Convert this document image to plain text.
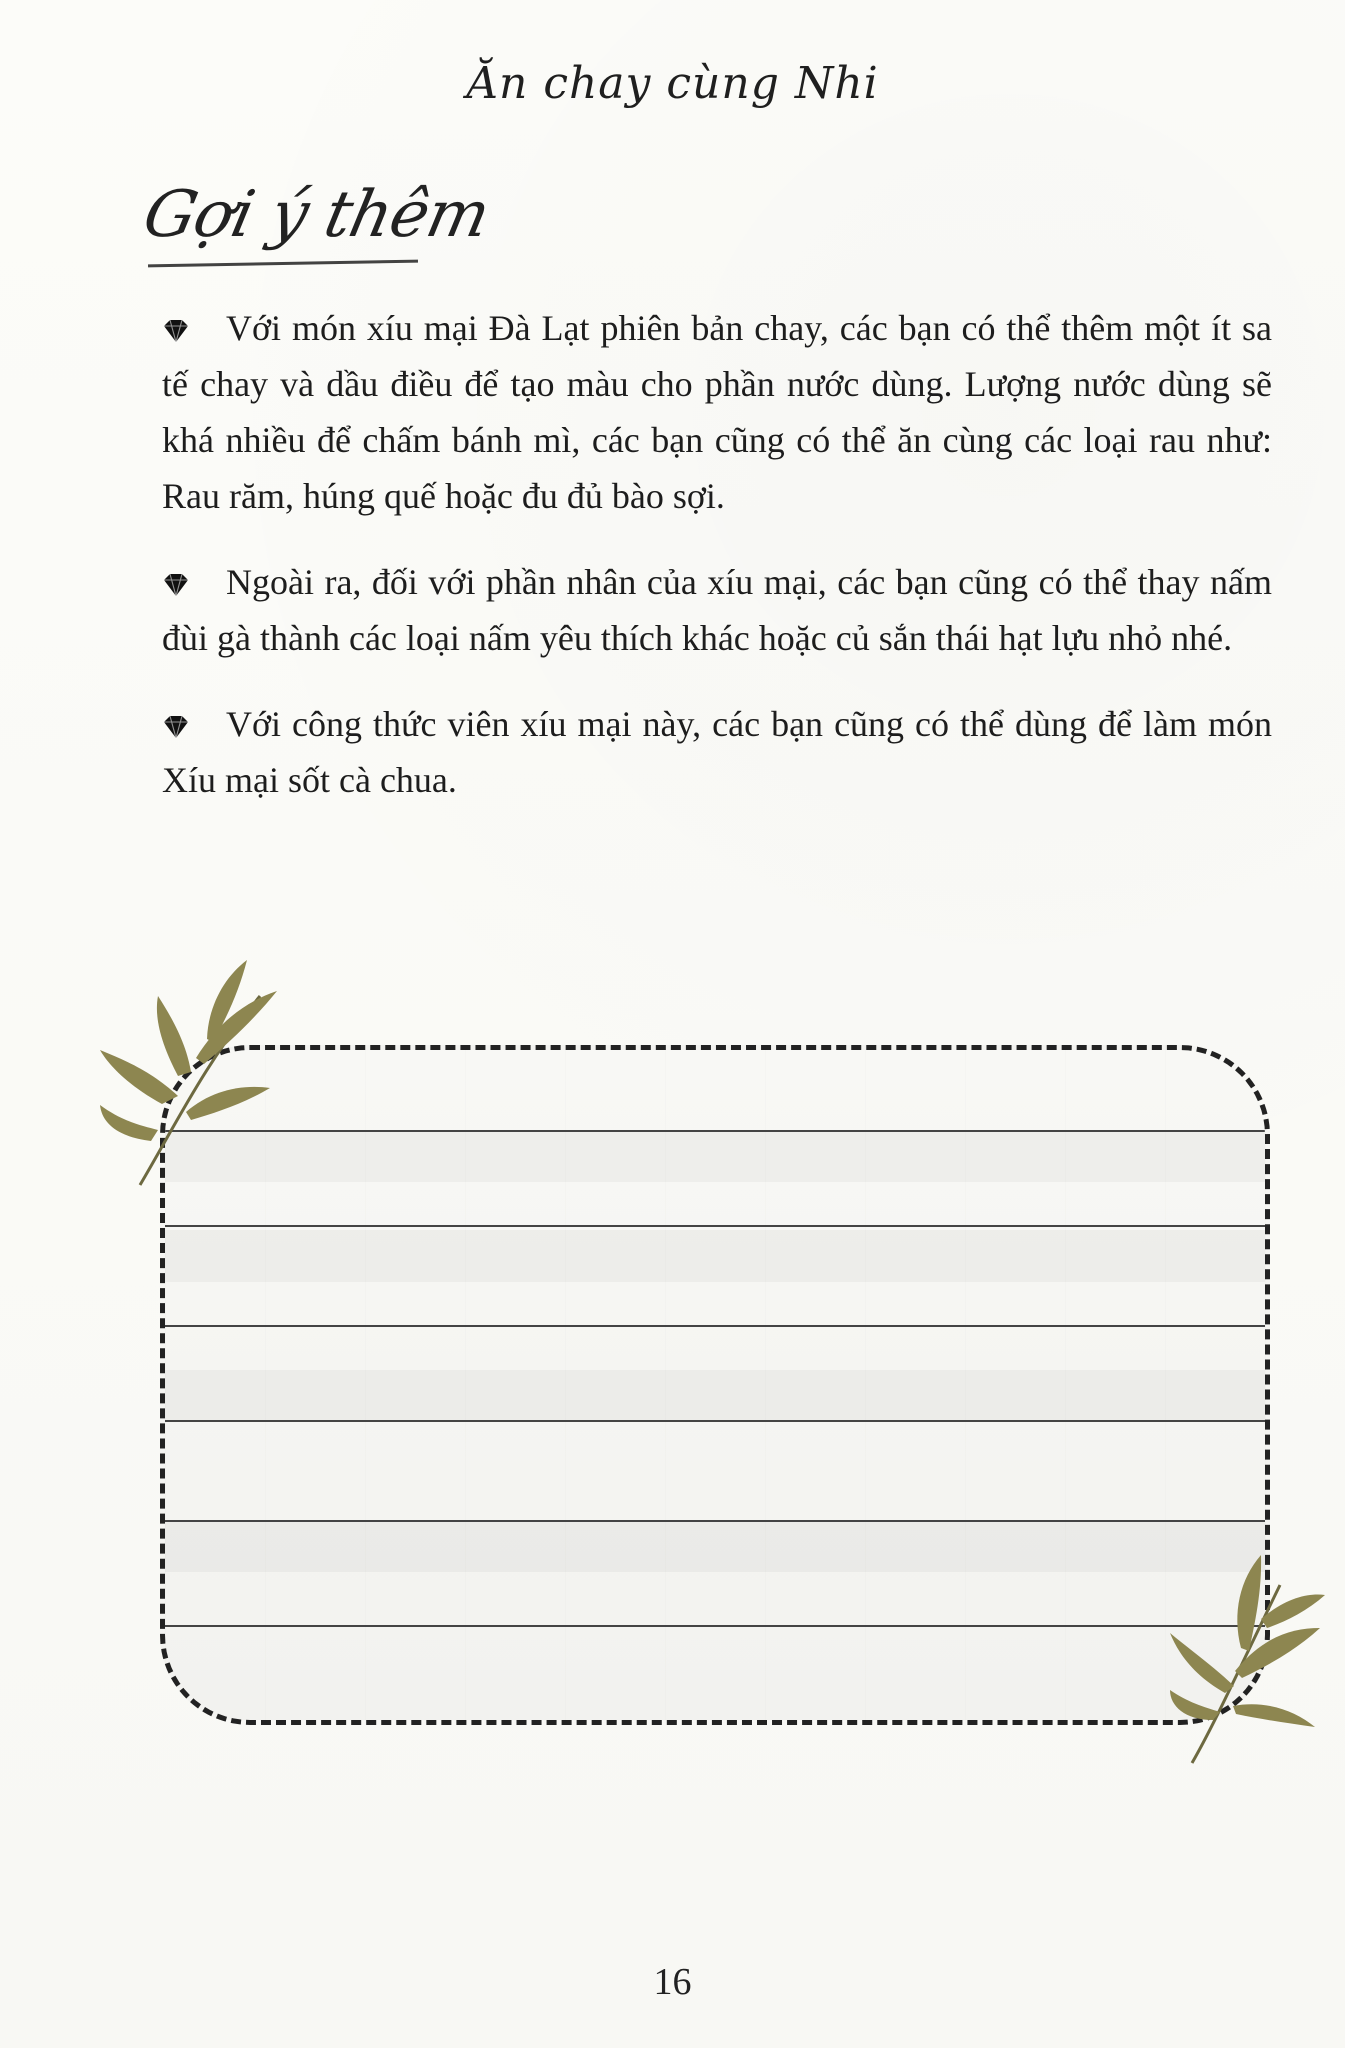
Ăn chay cùng Nhi
Gợi ý thêm

Với món xíu mại Đà Lạt phiên bản chay, các bạn có thể thêm một ít sa tế chay và dầu điều để tạo màu cho phần nước dùng. Lượng nước dùng sẽ khá nhiều để chấm bánh mì, các bạn cũng có thể ăn cùng các loại rau như: Rau răm, húng quế hoặc đu đủ bào sợi.

Ngoài ra, đối với phần nhân của xíu mại, các bạn cũng có thể thay nấm đùi gà thành các loại nấm yêu thích khác hoặc củ sắn thái hạt lựu nhỏ nhé.

Với công thức viên xíu mại này, các bạn cũng có thể dùng để làm món Xíu mại sốt cà chua.

16
